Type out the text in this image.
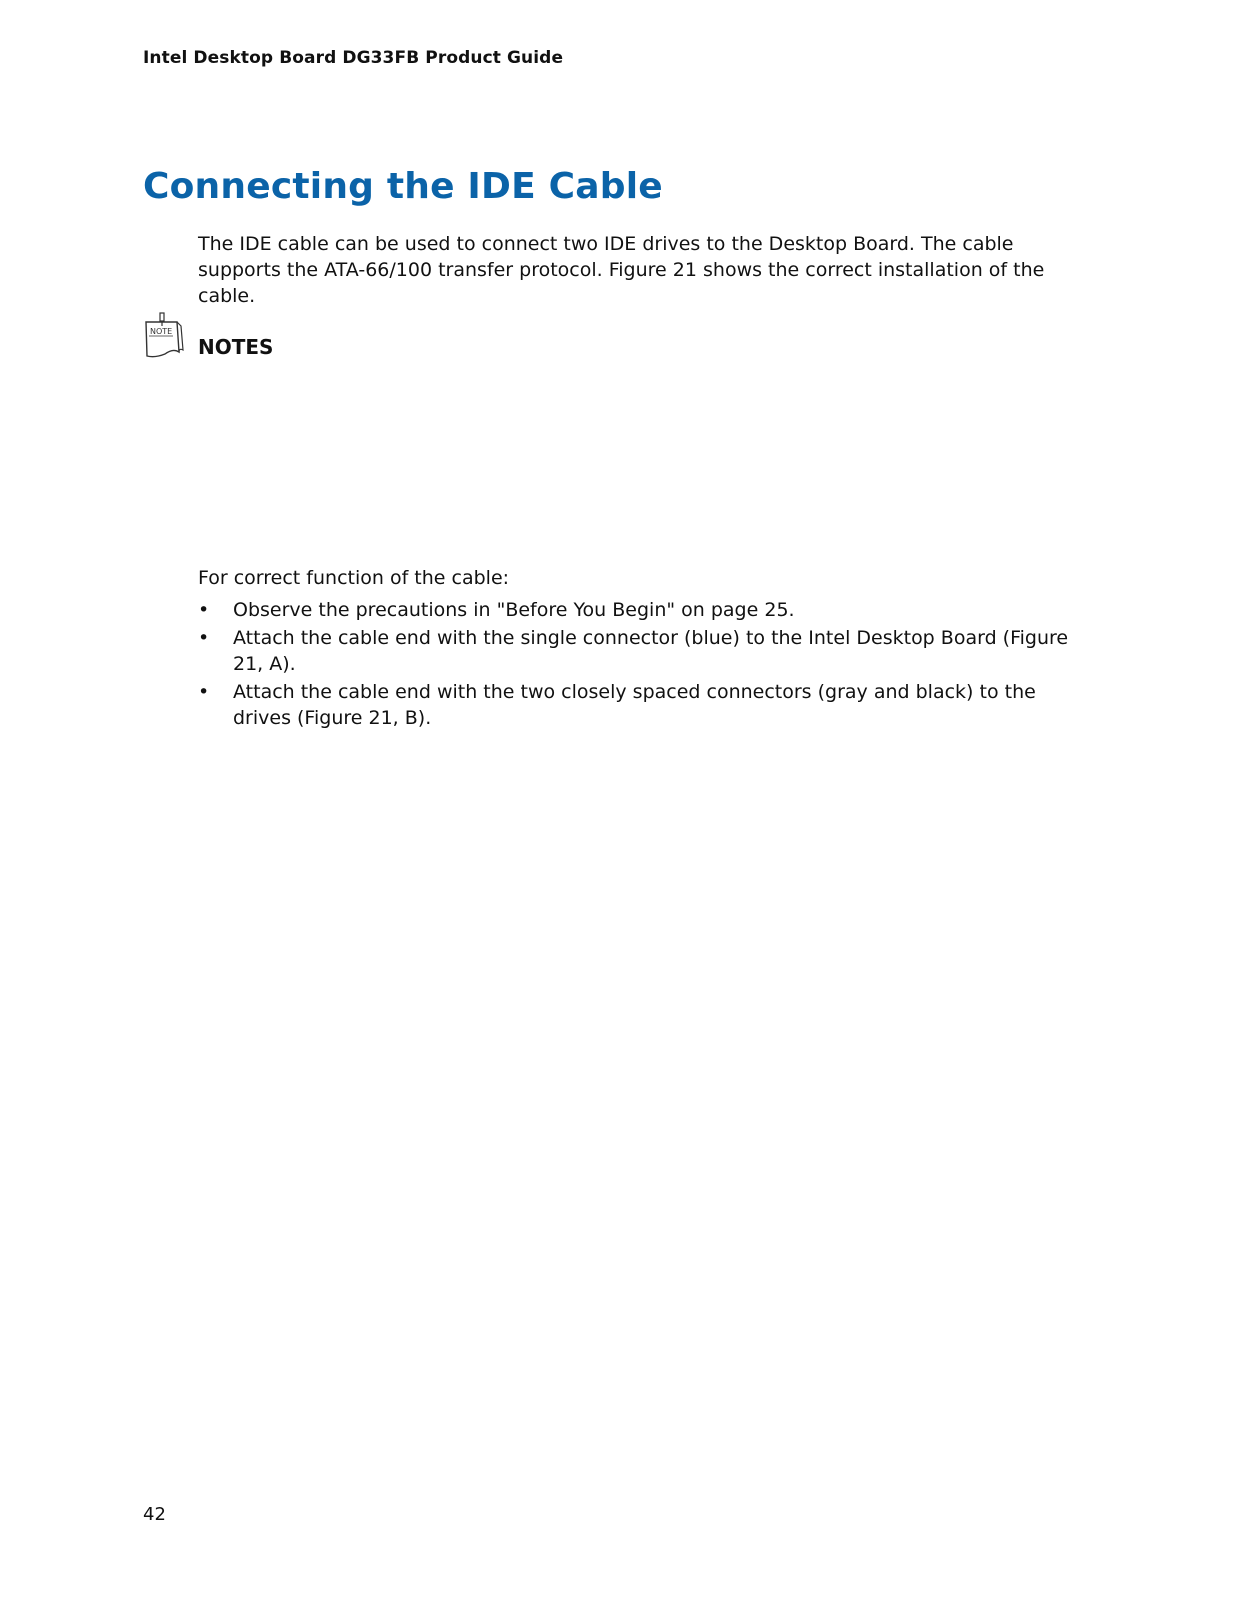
Intel Desktop Board DG33FB Product Guide
Connecting the IDE Cable

The IDE cable can be used to connect two IDE drives to the Desktop Board. The cable supports the ATA-66/100 transfer protocol. Figure 21 shows the correct installation of the cable.

NOTE
NOTES

For correct function of the cable:

•	Observe the precautions in "Before You Begin" on page 25.
•	Attach the cable end with the single connector (blue) to the Intel Desktop Board (Figure 21, A).
•	Attach the cable end with the two closely spaced connectors (gray and black) to the drives (Figure 21, B).
42
